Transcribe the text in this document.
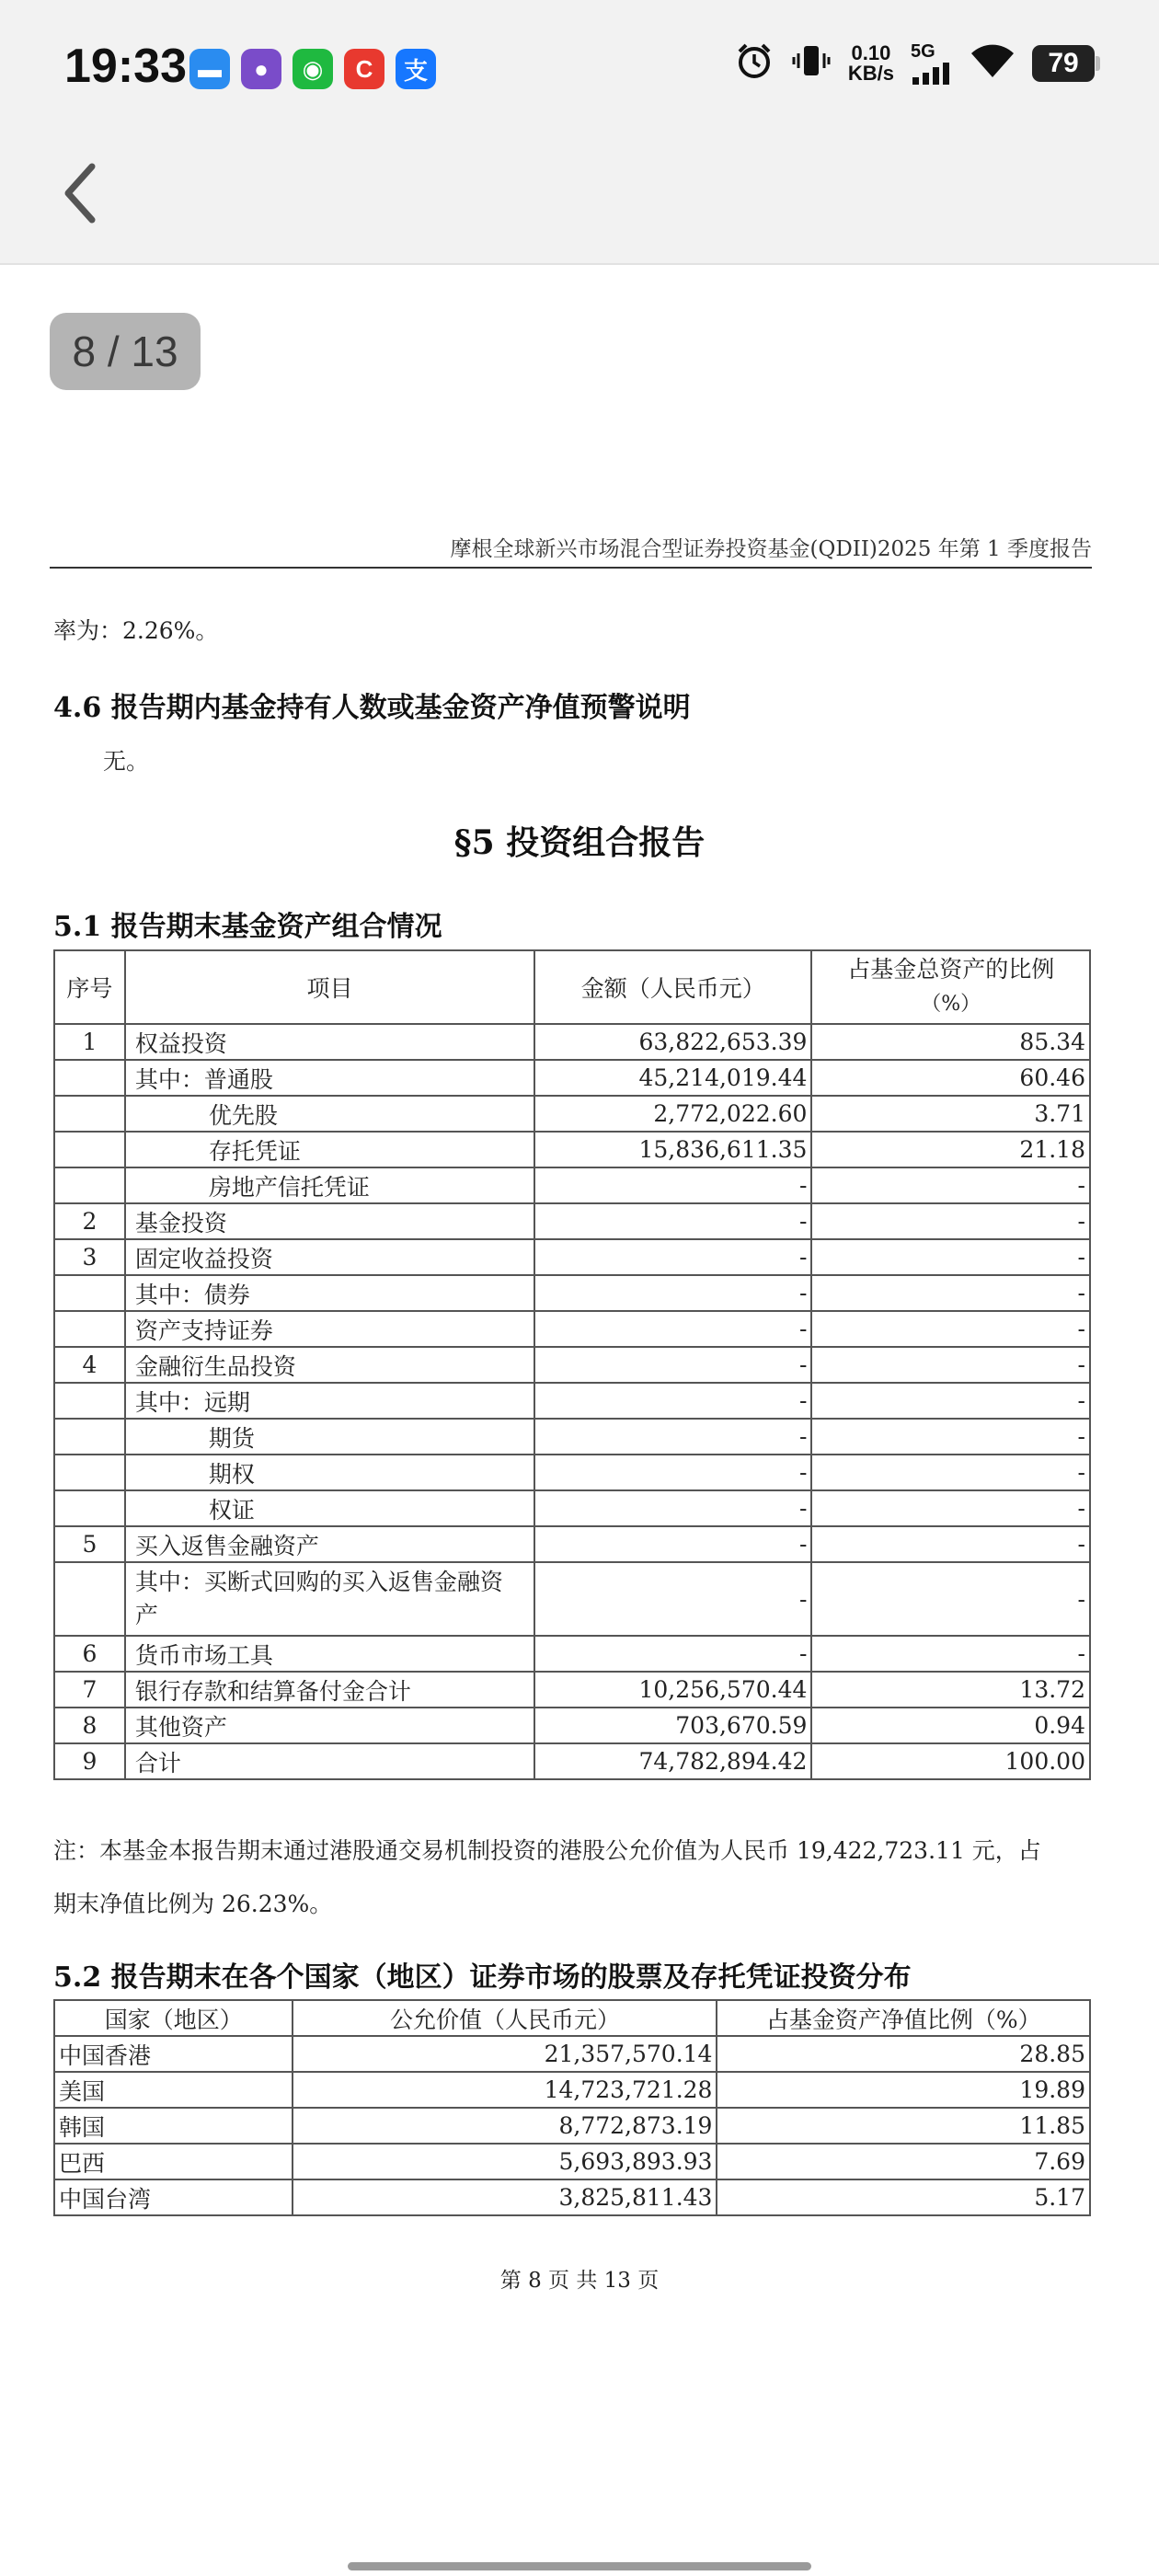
19:33 ▬	●	◉	C	支
0.10
KB/s
5G	79
8 / 13
摩根全球新兴市场混合型证券投资基金(QDII)2025 年第 1 季度报告
率为：2.26%。
4.6 报告期内基金持有人数或基金资产净值预警说明
无。
§5 投资组合报告
5.1 报告期末基金资产组合情况
序号	项目	金额（人民币元）	占基金总资产的比例
（%）
1	权益投资	63,822,653.39	85.34
	其中：普通股	45,214,019.44	60.46
	优先股	2,772,022.60	3.71
	存托凭证	15,836,611.35	21.18
	房地产信托凭证	-	-
2	基金投资	-	-
3	固定收益投资	-	-
	其中：债券	-	-
	资产支持证券	-	-
4	金融衍生品投资	-	-
	其中：远期	-	-
	期货	-	-
	期权	-	-
	权证	-	-
5	买入返售金融资产	-	-
	其中：买断式回购的买入返售金融资
产	-	-
6	货币市场工具	-	-
7	银行存款和结算备付金合计	10,256,570.44	13.72
8	其他资产	703,670.59	0.94
9	合计	74,782,894.42	100.00
注：本基金本报告期末通过港股通交易机制投资的港股公允价值为人民币 19,422,723.11 元，占
期末净值比例为 26.23%。
5.2 报告期末在各个国家（地区）证券市场的股票及存托凭证投资分布
国家（地区）	公允价值（人民币元）	占基金资产净值比例（%）
中国香港	21,357,570.14	28.85
美国	14,723,721.28	19.89
韩国	8,772,873.19	11.85
巴西	5,693,893.93	7.69
中国台湾	3,825,811.43	5.17
第 8 页 共 13 页
